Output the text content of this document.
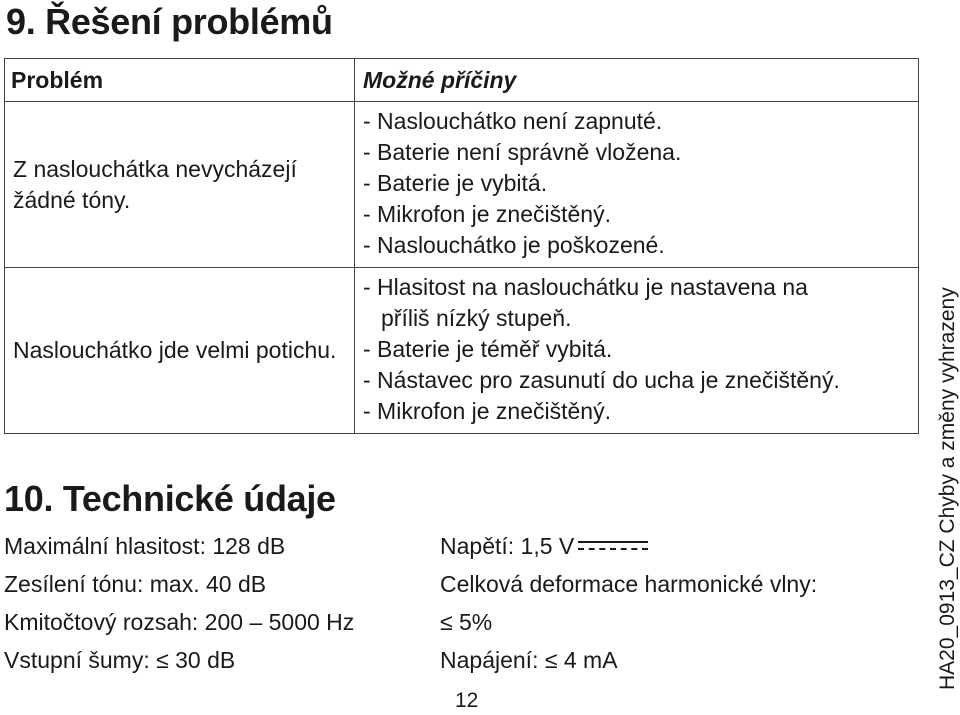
9. Řešení problémů
Problém	Možné příčiny
Z naslouchátka nevycházejí žádné tóny.	- Naslouchátko není zapnuté.
- Baterie není správně vložena.
- Baterie je vybitá.
- Mikrofon je znečištěný.
- Naslouchátko je poškozené.

Naslouchátko jde velmi potichu.	- Hlasitost na naslouchátku je nastavena na
příliš nízký stupeň.
- Baterie je téměř vybitá.
- Nástavec pro zasunutí do ucha je znečištěný.
- Mikrofon je znečištěný.
10. Technické údaje
Maximální hlasitost: 128 dB
Zesílení tónu: max. 40 dB
Kmitočtový rozsah: 200 – 5000 Hz
Vstupní šumy: ≤ 30 dB
Napětí: 1,5 V
Celková deformace harmonické vlny:
≤ 5%
Napájení: ≤ 4 mA
12
HA20_0913_CZ Chyby a změny vyhrazeny
